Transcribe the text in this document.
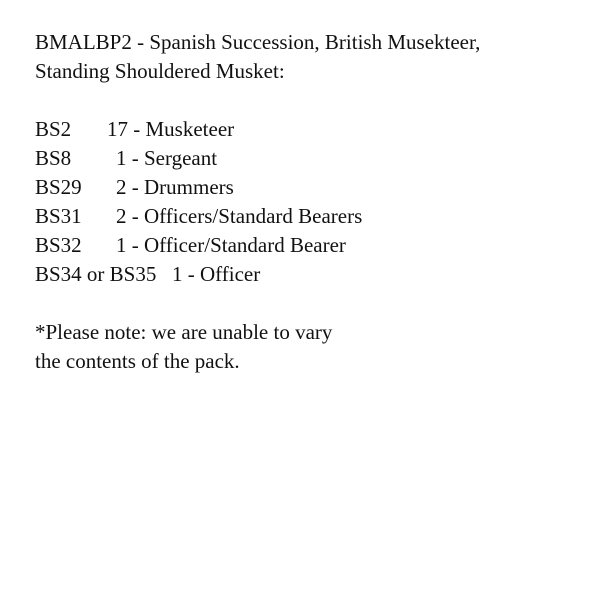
BMALBP2 - Spanish Succession, British Musekteer,
Standing Shouldered Musket:
BS2 17 - Musketeer
BS8 1 - Sergeant
BS29 2 - Drummers
BS31 2 - Officers/Standard Bearers
BS32 1 - Officer/Standard Bearer
BS34 or BS35 1 - Officer
*Please note: we are unable to vary
the contents of the pack.
